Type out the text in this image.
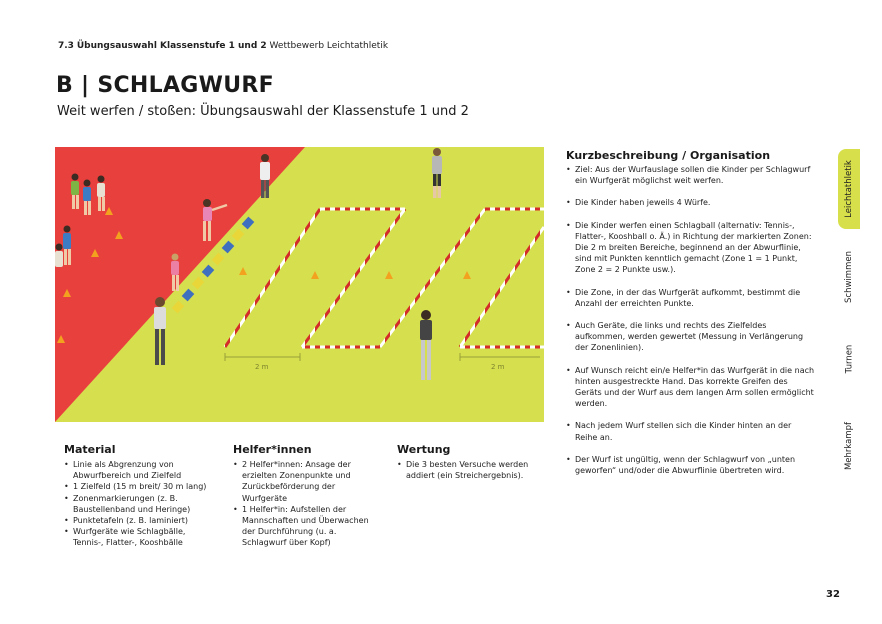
7.3 Übungsauswahl Klassenstufe 1 und 2 Wettbewerb Leichtathletik
B | SCHLAGWURF
Weit werfen / stoßen: Übungsauswahl der Klassenstufe 1 und 2
2 m	2 m
Material
• Linie als Abgrenzung von Abwurfbereich und Zielfeld
• 1 Zielfeld (15 m breit/ 30 m lang)
• Zonenmarkierungen (z. B. Baustellenband und Heringe)
• Punktetafeln (z. B. laminiert)
• Wurfgeräte wie Schlagbälle, Tennis-, Flatter-, Kooshbälle
Helfer*innen
• 2 Helfer*innen: Ansage der erzielten Zonenpunkte und Zurückbeförderung der Wurfgeräte
• 1 Helfer*in: Aufstellen der Mannschaften und Überwachen der Durchführung (u. a. Schlagwurf über Kopf)
Wertung
• Die 3 besten Versuche werden addiert (ein Streichergebnis).
Kurzbeschreibung / Organisation
• Ziel: Aus der Wurfauslage sollen die Kinder per Schlagwurf ein Wurfgerät möglichst weit werfen.
• Die Kinder haben jeweils 4 Würfe.
• Die Kinder werfen einen Schlagball (alternativ: Tennis-, Flatter-, Kooshball o. Ä.) in Richtung der markierten Zonen: Die 2 m breiten Bereiche, beginnend an der Abwurflinie, sind mit Punkten kenntlich gemacht (Zone 1 = 1 Punkt, Zone 2 = 2 Punkte usw.).
• Die Zone, in der das Wurfgerät aufkommt, bestimmt die Anzahl der erreichten Punkte.
• Auch Geräte, die links und rechts des Zielfeldes aufkommen, werden gewertet (Messung in Verlängerung der Zonenlinien).
• Auf Wunsch reicht ein/e Helfer*in das Wurfgerät in die nach hinten ausgestreckte Hand. Das korrekte Greifen des Geräts und der Wurf aus dem langen Arm sollen ermöglicht werden.
• Nach jedem Wurf stellen sich die Kinder hinten an der Reihe an.
• Der Wurf ist ungültig, wenn der Schlagwurf von „unten geworfen“ und/oder die Abwurflinie übertreten wird.
Leichtathletik
Schwimmen
Turnen
Mehrkampf
32
